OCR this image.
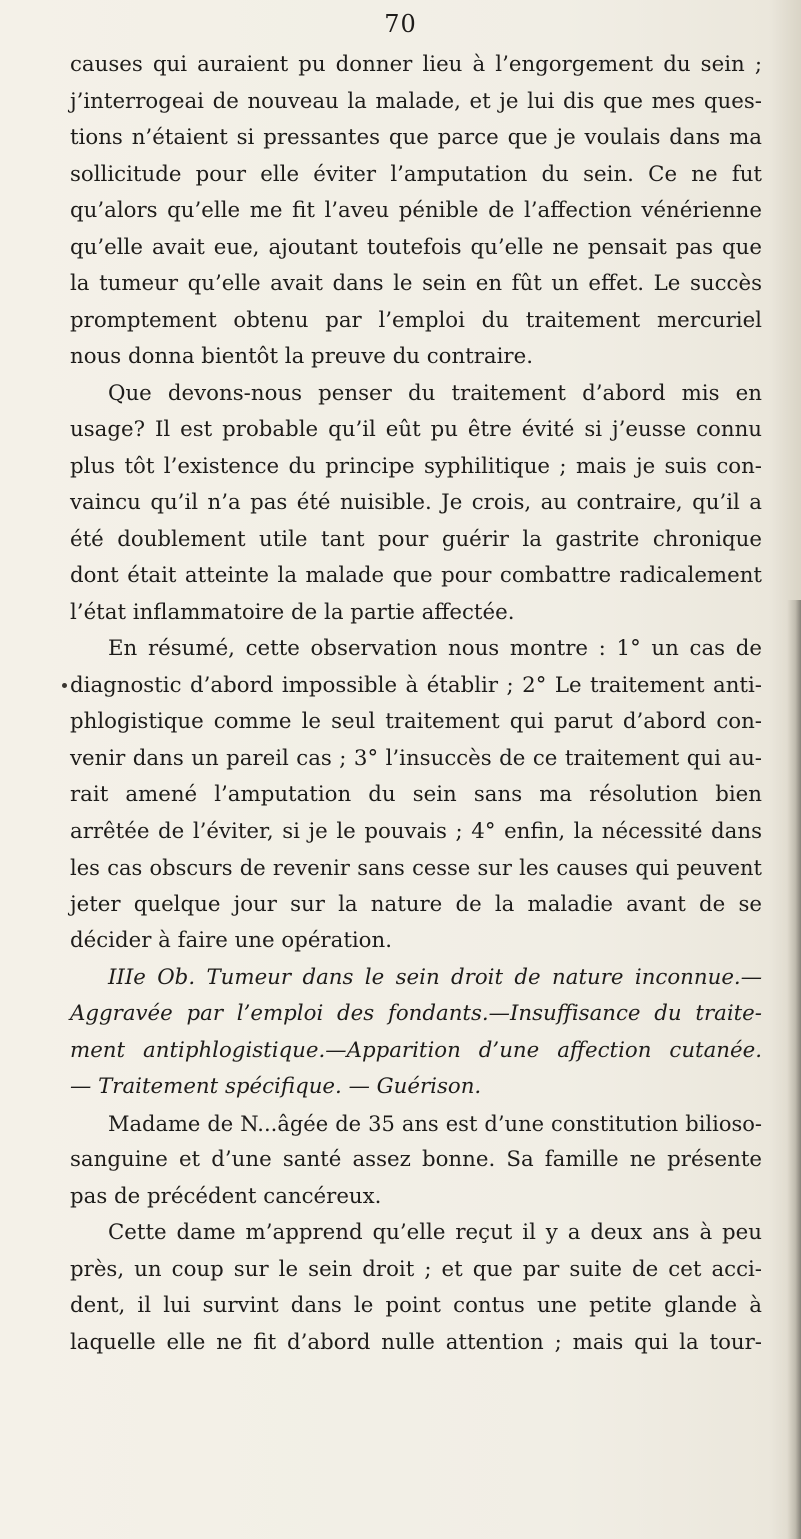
70
causes qui auraient pu donner lieu à l’engorgement du sein ;
j’interrogeai de nouveau la malade, et je lui dis que mes ques-
tions n’étaient si pressantes que parce que je voulais dans ma
sollicitude pour elle éviter l’amputation du sein. Ce ne fut
qu’alors qu’elle me fit l’aveu pénible de l’affection vénérienne
qu’elle avait eue, ajoutant toutefois qu’elle ne pensait pas que
la tumeur qu’elle avait dans le sein en fût un effet. Le succès
promptement obtenu par l’emploi du traitement mercuriel
nous donna bientôt la preuve du contraire.
Que devons-nous penser du traitement d’abord mis en
usage? Il est probable qu’il eût pu être évité si j’eusse connu
plus tôt l’existence du principe syphilitique ; mais je suis con-
vaincu qu’il n’a pas été nuisible. Je crois, au contraire, qu’il a
été doublement utile tant pour guérir la gastrite chronique
dont était atteinte la malade que pour combattre radicalement
l’état inflammatoire de la partie affectée.
En résumé, cette observation nous montre : 1° un cas de
diagnostic d’abord impossible à établir ; 2° Le traitement anti-
phlogistique comme le seul traitement qui parut d’abord con-
venir dans un pareil cas ; 3° l’insuccès de ce traitement qui au-
rait amené l’amputation du sein sans ma résolution bien
arrêtée de l’éviter, si je le pouvais ; 4° enfin, la nécessité dans
les cas obscurs de revenir sans cesse sur les causes qui peuvent
jeter quelque jour sur la nature de la maladie avant de se
décider à faire une opération.
IIIe Ob. Tumeur dans le sein droit de nature inconnue.—
Aggravée par l’emploi des fondants.—Insuffisance du traite-
ment antiphlogistique.—Apparition d’une affection cutanée.
— Traitement spécifique. — Guérison.
Madame de N...âgée de 35 ans est d’une constitution bilioso-
sanguine et d’une santé assez bonne. Sa famille ne présente
pas de précédent cancéreux.
Cette dame m’apprend qu’elle reçut il y a deux ans à peu
près, un coup sur le sein droit ; et que par suite de cet acci-
dent, il lui survint dans le point contus une petite glande à
laquelle elle ne fit d’abord nulle attention ; mais qui la tour-
